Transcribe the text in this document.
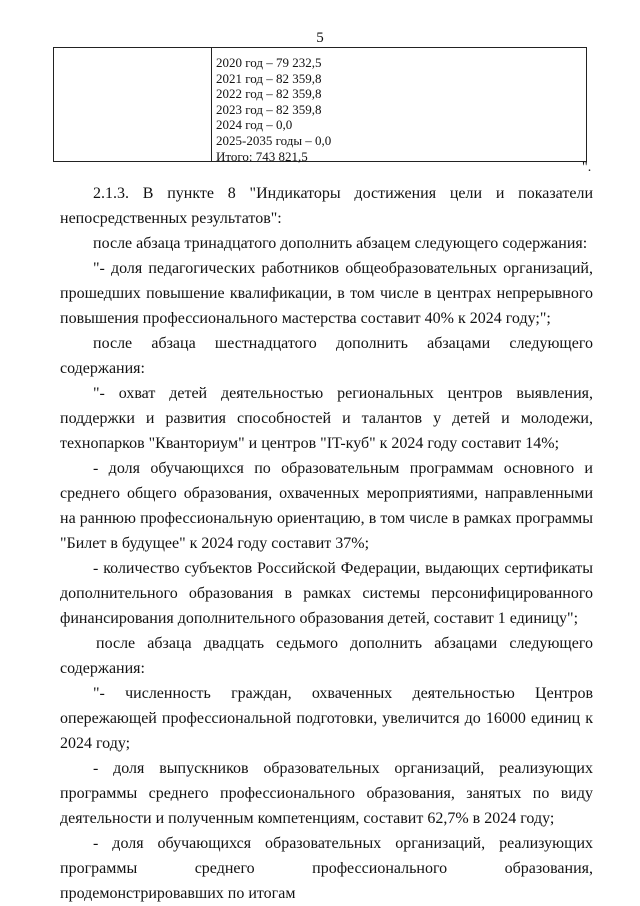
5
2020 год – 79 232,5
2021 год – 82 359,8
2022 год – 82 359,8
2023 год – 82 359,8
2024 год – 0,0
2025-2035 годы – 0,0
Итого: 743 821,5
".
2.1.3. В пункте 8 "Индикаторы достижения цели и показатели непосредственных результатов":
после абзаца тринадцатого дополнить абзацем следующего содержания:
"- доля педагогических работников общеобразовательных организаций, прошедших повышение квалификации, в том числе в центрах непрерывного повышения профессионального мастерства составит 40% к 2024 году;";
после абзаца шестнадцатого дополнить абзацами следующего содержания:
"- охват детей деятельностью региональных центров выявления, поддержки и развития способностей и талантов у детей и молодежи, технопарков "Кванториум" и центров "IT-куб" к 2024 году составит 14%;
- доля обучающихся по образовательным программам основного и среднего общего образования, охваченных мероприятиями, направленными на раннюю профессиональную ориентацию, в том числе в рамках программы "Билет в будущее" к 2024 году составит 37%;
- количество субъектов Российской Федерации, выдающих сертификаты дополнительного образования в рамках системы персонифицированного финансирования дополнительного образования детей, составит 1 единицу";
после абзаца двадцать седьмого дополнить абзацами следующего содержания:
"- численность граждан, охваченных деятельностью Центров опережающей профессиональной подготовки, увеличится до 16000 единиц к 2024 году;
- доля выпускников образовательных организаций, реализующих программы среднего профессионального образования, занятых по виду деятельности и полученным компетенциям, составит 62,7% в 2024 году;
- доля обучающихся образовательных организаций, реализующих программы среднего профессионального образования, продемонстрировавших по итогам
